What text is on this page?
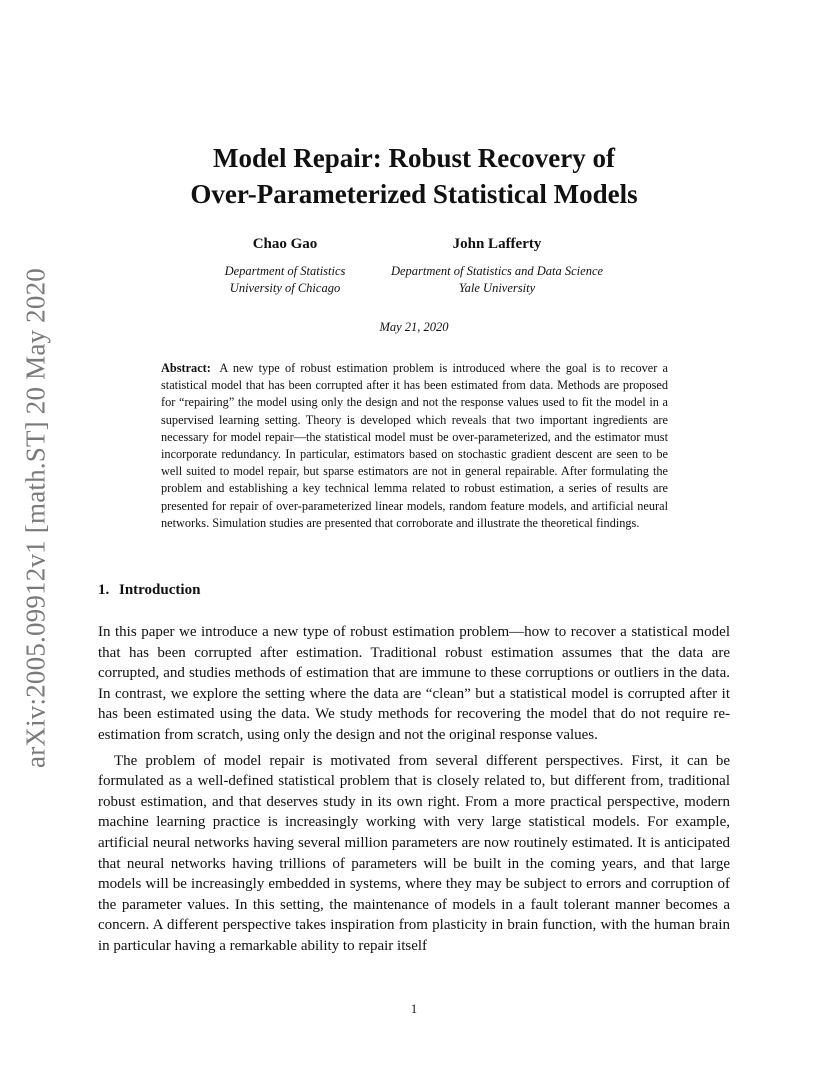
arXiv:2005.09912v1 [math.ST] 20 May 2020
Model Repair: Robust Recovery of
Over-Parameterized Statistical Models
Chao Gao
Department of Statistics
University of Chicago
John Lafferty
Department of Statistics and Data Science
Yale University
May 21, 2020
Abstract: A new type of robust estimation problem is introduced where the goal is to recover a statistical model that has been corrupted after it has been estimated from data. Methods are proposed for “repairing” the model using only the design and not the response values used to fit the model in a supervised learning setting. Theory is developed which reveals that two important ingredients are necessary for model repair—the statistical model must be over-parameterized, and the estimator must incorporate redundancy. In particular, estimators based on stochastic gradient descent are seen to be well suited to model repair, but sparse estimators are not in general repairable. After formulating the problem and establishing a key technical lemma related to robust estimation, a series of results are presented for repair of over-parameterized linear models, random feature models, and artificial neural networks. Simulation studies are presented that corroborate and illustrate the theoretical findings.
1. Introduction

In this paper we introduce a new type of robust estimation problem—how to recover a statistical model that has been corrupted after estimation. Traditional robust estimation assumes that the data are corrupted, and studies methods of estimation that are immune to these corruptions or outliers in the data. In contrast, we explore the setting where the data are “clean” but a statistical model is corrupted after it has been estimated using the data. We study methods for recovering the model that do not require re-estimation from scratch, using only the design and not the original response values.

The problem of model repair is motivated from several different perspectives. First, it can be formulated as a well-defined statistical problem that is closely related to, but different from, traditional robust estimation, and that deserves study in its own right. From a more practical perspective, modern machine learning practice is increasingly working with very large statistical models. For example, artificial neural networks having several million parameters are now routinely estimated. It is anticipated that neural networks having trillions of parameters will be built in the coming years, and that large models will be increasingly embedded in systems, where they may be subject to errors and corruption of the parameter values. In this setting, the maintenance of models in a fault tolerant manner becomes a concern. A different perspective takes inspiration from plasticity in brain function, with the human brain in particular having a remarkable ability to repair itself

1
